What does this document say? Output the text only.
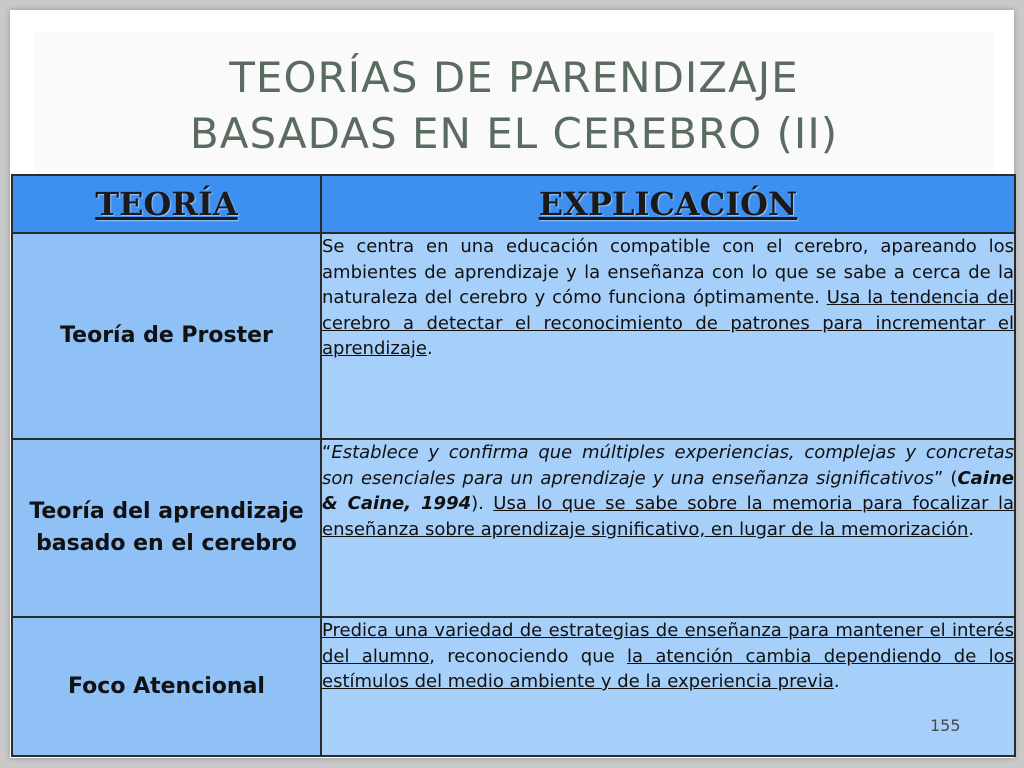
TEORÍAS DE PARENDIZAJE
BASADAS EN EL CEREBRO (II)
TEORÍA	EXPLICACIÓN
Teoría de Proster	Se centra en una educación compatible con el cerebro, apareando los ambientes de aprendizaje y la enseñanza con lo que se sabe a cerca de la naturaleza del cerebro y cómo funciona óptimamente. Usa la tendencia del cerebro a detectar el reconocimiento de patrones para incrementar el aprendizaje.
Teoría del aprendizaje basado en el cerebro	“Establece y confirma que múltiples experiencias, complejas y concretas son esenciales para un aprendizaje y una enseñanza significativos” (Caine & Caine, 1994). Usa lo que se sabe sobre la memoria para focalizar la enseñanza sobre aprendizaje significativo, en lugar de la memorización.
Foco Atencional	Predica una variedad de estrategias de enseñanza para mantener el interés del alumno, reconociendo que la atención cambia dependiendo de los estímulos del medio ambiente y de la experiencia previa.
155
